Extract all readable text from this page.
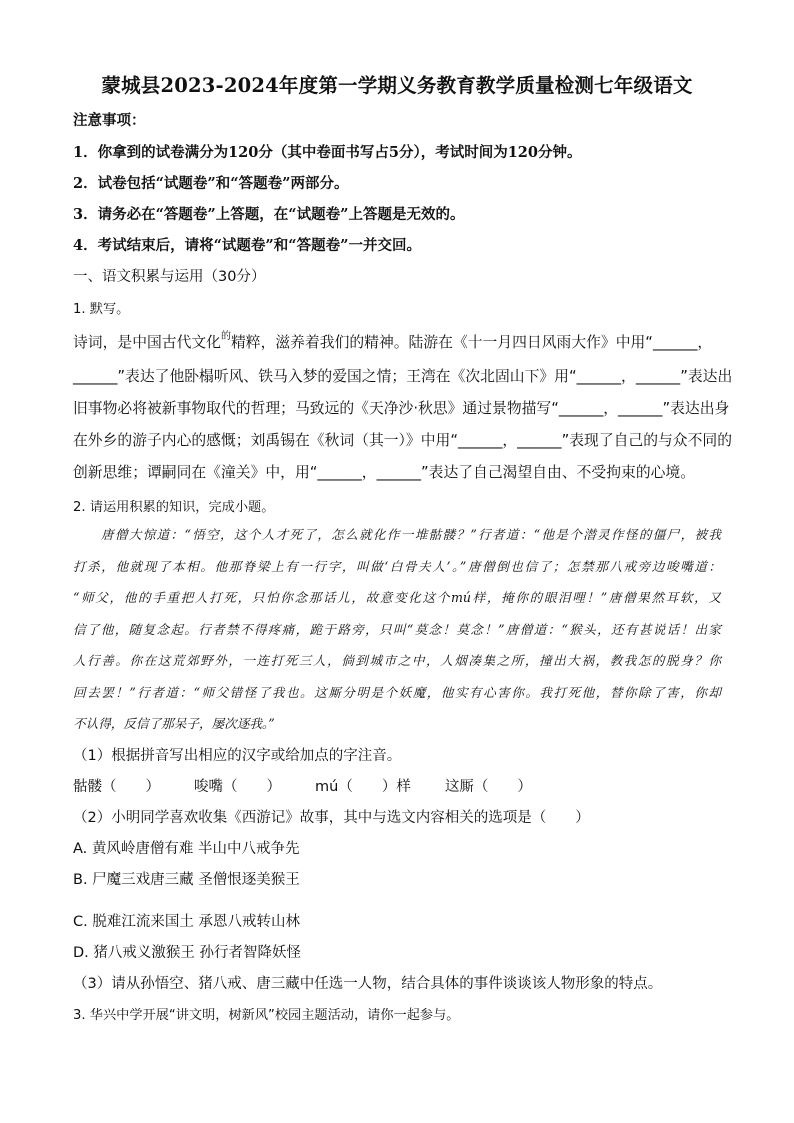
蒙城县2023-2024年度第一学期义务教育教学质量检测七年级语文
注意事项：
1．你拿到的试卷满分为120分（其中卷面书写占5分），考试时间为120分钟。
2．试卷包括“试题卷”和“答题卷”两部分。
3．请务必在“答题卷”上答题，在“试题卷”上答题是无效的。
4．考试结束后，请将“试题卷”和“答题卷”一并交回。
一、语文积累与运用（30分）
1. 默写。
诗词，是中国古代文化$^的$精粹，滋养着我们的精神。陆游在《十一月四日风雨大作》中用“______，
______”表达了他卧榻听风、铁马入梦的爱国之情；王湾在《次北固山下》用“______，______”表达出
旧事物必将被新事物取代的哲理；马致远的《天净沙·秋思》通过景物描写“______，______”表达出身
在外乡的游子内心的感慨；刘禹锡在《秋词（其一）》中用“______，______”表现了自己的与众不同的
创新思维；谭嗣同在《潼关》中，用“______，______”表达了自己渴望自由、不受拘束的心境。
2. 请运用积累的知识，完成小题。
唐僧大惊道：“悟空，这个人才死了，怎么就化作一堆骷髅？”行者道：“他是个潜灵作怪的僵尸，被我
打杀，他就现了本相。他那脊梁上有一行字，叫做‘白骨夫人’。”唐僧倒也信了；怎禁那八戒旁边唆嘴道：
“师父，他的手重把人打死，只怕你念那话儿，故意变化这个mú样，掩你的眼泪哩！”唐僧果然耳软，又
信了他，随复念起。行者禁不得疼痛，跪于路旁，只叫“莫念！莫念！”唐僧道：“猴头，还有甚说话！出家
人行善。你在这荒郊野外，一连打死三人，倘到城市之中，人烟凑集之所，撞出大祸，教我怎的脱身？你
回去罢！”行者道：“师父错怪了我也。这厮分明是个妖魔，他实有心害你。我打死他，替你除了害，你却
不认得，反信了那呆子，屡次逐我。”
（1）根据拼音写出相应的汉字或给加点的字注音。
骷髅（　　） 唆嘴（　　） mú（　　）样 这厮（　　）
（2）小明同学喜欢收集《西游记》故事，其中与选文内容相关的选项是（　　）
A. 黄风岭唐僧有难 半山中八戒争先
B. 尸魔三戏唐三藏 圣僧恨逐美猴王
C. 脱难江流来国土 承恩八戒转山林
D. 猪八戒义激猴王 孙行者智降妖怪
（3）请从孙悟空、猪八戒、唐三藏中任选一人物，结合具体的事件谈谈该人物形象的特点。
3. 华兴中学开展“讲文明，树新风”校园主题活动，请你一起参与。
